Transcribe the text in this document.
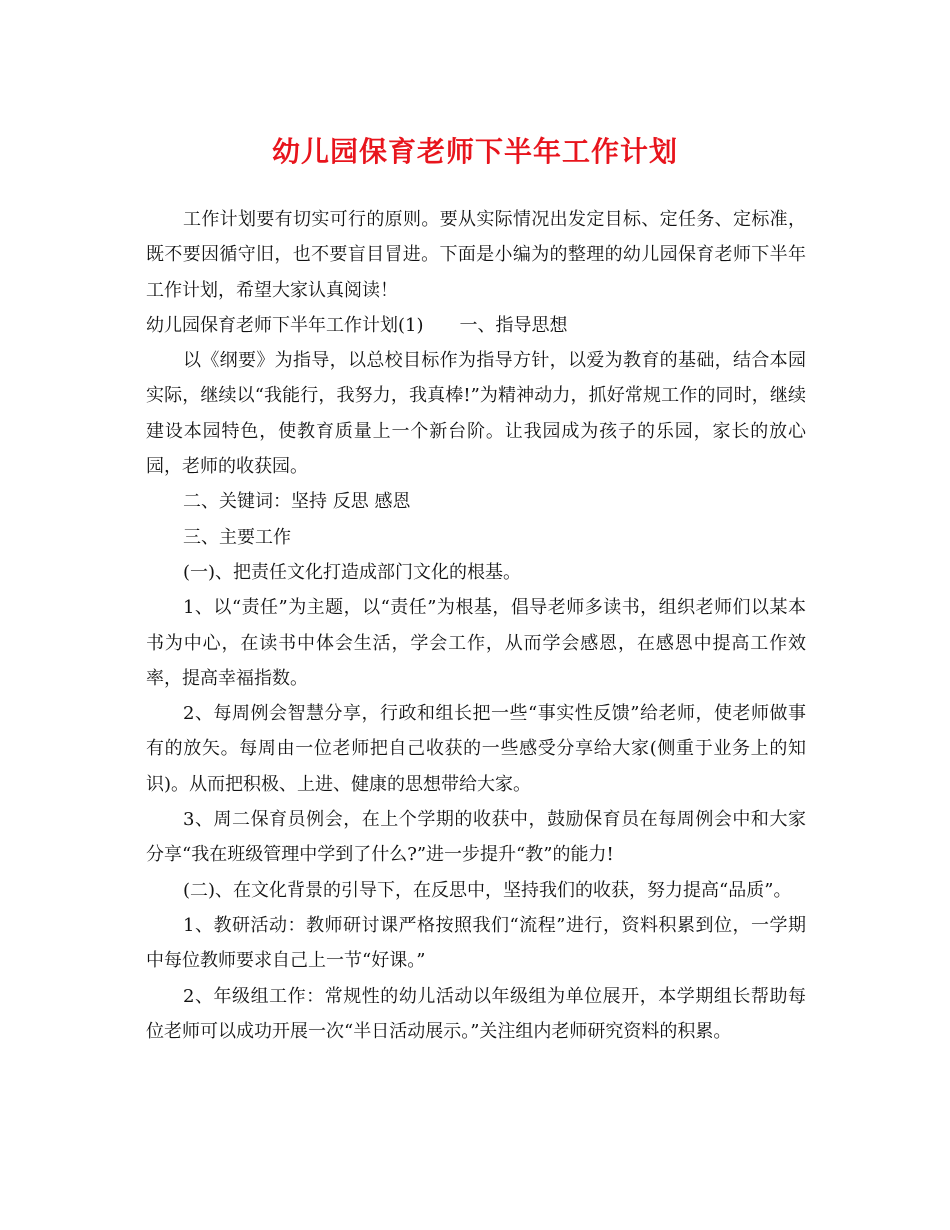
幼儿园保育老师下半年工作计划

工作计划要有切实可行的原则。要从实际情况出发定目标、定任务、定标准，既不要因循守旧，也不要盲目冒进。下面是小编为的整理的幼儿园保育老师下半年工作计划，希望大家认真阅读！

幼儿园保育老师下半年工作计划(1)　　一、指导思想

以《纲要》为指导，以总校目标作为指导方针，以爱为教育的基础，结合本园实际，继续以“我能行，我努力，我真棒!”为精神动力，抓好常规工作的同时，继续建设本园特色，使教育质量上一个新台阶。让我园成为孩子的乐园，家长的放心园，老师的收获园。

二、关键词：坚持 反思 感恩

三、主要工作

(一)、把责任文化打造成部门文化的根基。

1、以“责任”为主题，以“责任”为根基，倡导老师多读书，组织老师们以某本书为中心，在读书中体会生活，学会工作，从而学会感恩，在感恩中提高工作效率，提高幸福指数。

2、每周例会智慧分享，行政和组长把一些“事实性反馈”给老师，使老师做事有的放矢。每周由一位老师把自己收获的一些感受分享给大家(侧重于业务上的知识)。从而把积极、上进、健康的思想带给大家。

3、周二保育员例会，在上个学期的收获中，鼓励保育员在每周例会中和大家分享“我在班级管理中学到了什么?”进一步提升“教”的能力!

(二)、在文化背景的引导下，在反思中，坚持我们的收获，努力提高“品质”。

1、教研活动：教师研讨课严格按照我们“流程”进行，资料积累到位，一学期中每位教师要求自己上一节“好课。”

2、年级组工作：常规性的幼儿活动以年级组为单位展开，本学期组长帮助每位老师可以成功开展一次“半日活动展示。”关注组内老师研究资料的积累。
